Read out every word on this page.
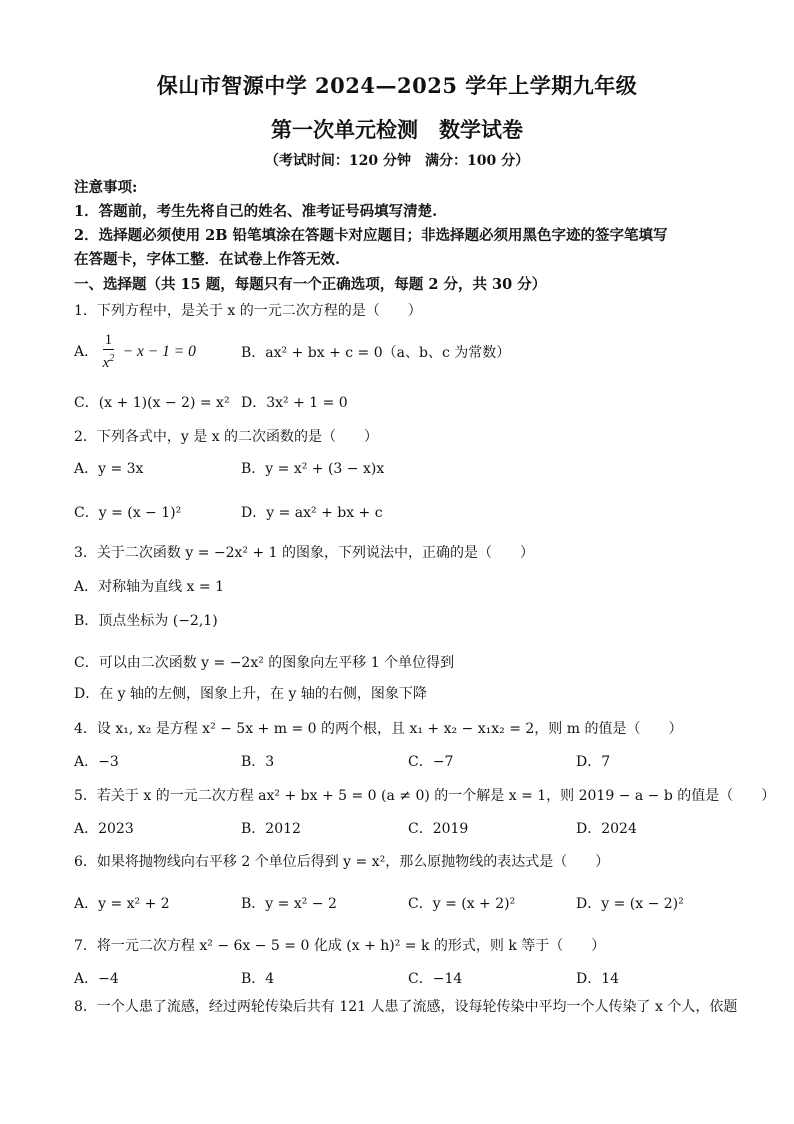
保山市智源中学 2024—2025 学年上学期九年级
第一次单元检测　数学试卷
（考试时间：120 分钟　满分：100 分）
注意事项:
1．答题前，考生先将自己的姓名、准考证号码填写清楚.
2．选择题必须使用 2B 铅笔填涂在答题卡对应题目；非选择题必须用黑色字迹的签字笔填写
在答题卡，字体工整．在试卷上作答无效.
一、选择题（共 15 题，每题只有一个正确选项，每题 2 分，共 30 分）
1．下列方程中，是关于 x 的一元二次方程的是（　　）
A． $\frac{1}{x^2} - x - 1 = 0$	B．ax² + bx + c = 0（a、b、c 为常数）
C．(x + 1)(x − 2) = x² D．3x² + 1 = 0
2．下列各式中，y 是 x 的二次函数的是（　　）
A．y = 3x	B．y = x² + (3 − x)x
C．y = (x − 1)²	D．y = ax² + bx + c
3．关于二次函数 y = −2x² + 1 的图象，下列说法中，正确的是（　　）
A．对称轴为直线 x = 1
B．顶点坐标为 (−2,1)
C．可以由二次函数 y = −2x² 的图象向左平移 1 个单位得到
D．在 y 轴的左侧，图象上升，在 y 轴的右侧，图象下降
4．设 x₁, x₂ 是方程 x² − 5x + m = 0 的两个根，且 x₁ + x₂ − x₁x₂ = 2，则 m 的值是（　　）
A．−3	B．3	C．−7	D．7
5．若关于 x 的一元二次方程 ax² + bx + 5 = 0 (a ≠ 0) 的一个解是 x = 1，则 2019 − a − b 的值是（　　）
A．2023	B．2012	C．2019	D．2024
6．如果将抛物线向右平移 2 个单位后得到 y = x²，那么原抛物线的表达式是（　　）
A．y = x² + 2	B．y = x² − 2	C．y = (x + 2)²	D．y = (x − 2)²
7．将一元二次方程 x² − 6x − 5 = 0 化成 (x + h)² = k 的形式，则 k 等于（　　）
A．−4	B．4	C．−14	D．14
8．一个人患了流感，经过两轮传染后共有 121 人患了流感，设每轮传染中平均一个人传染了 x 个人，依题
